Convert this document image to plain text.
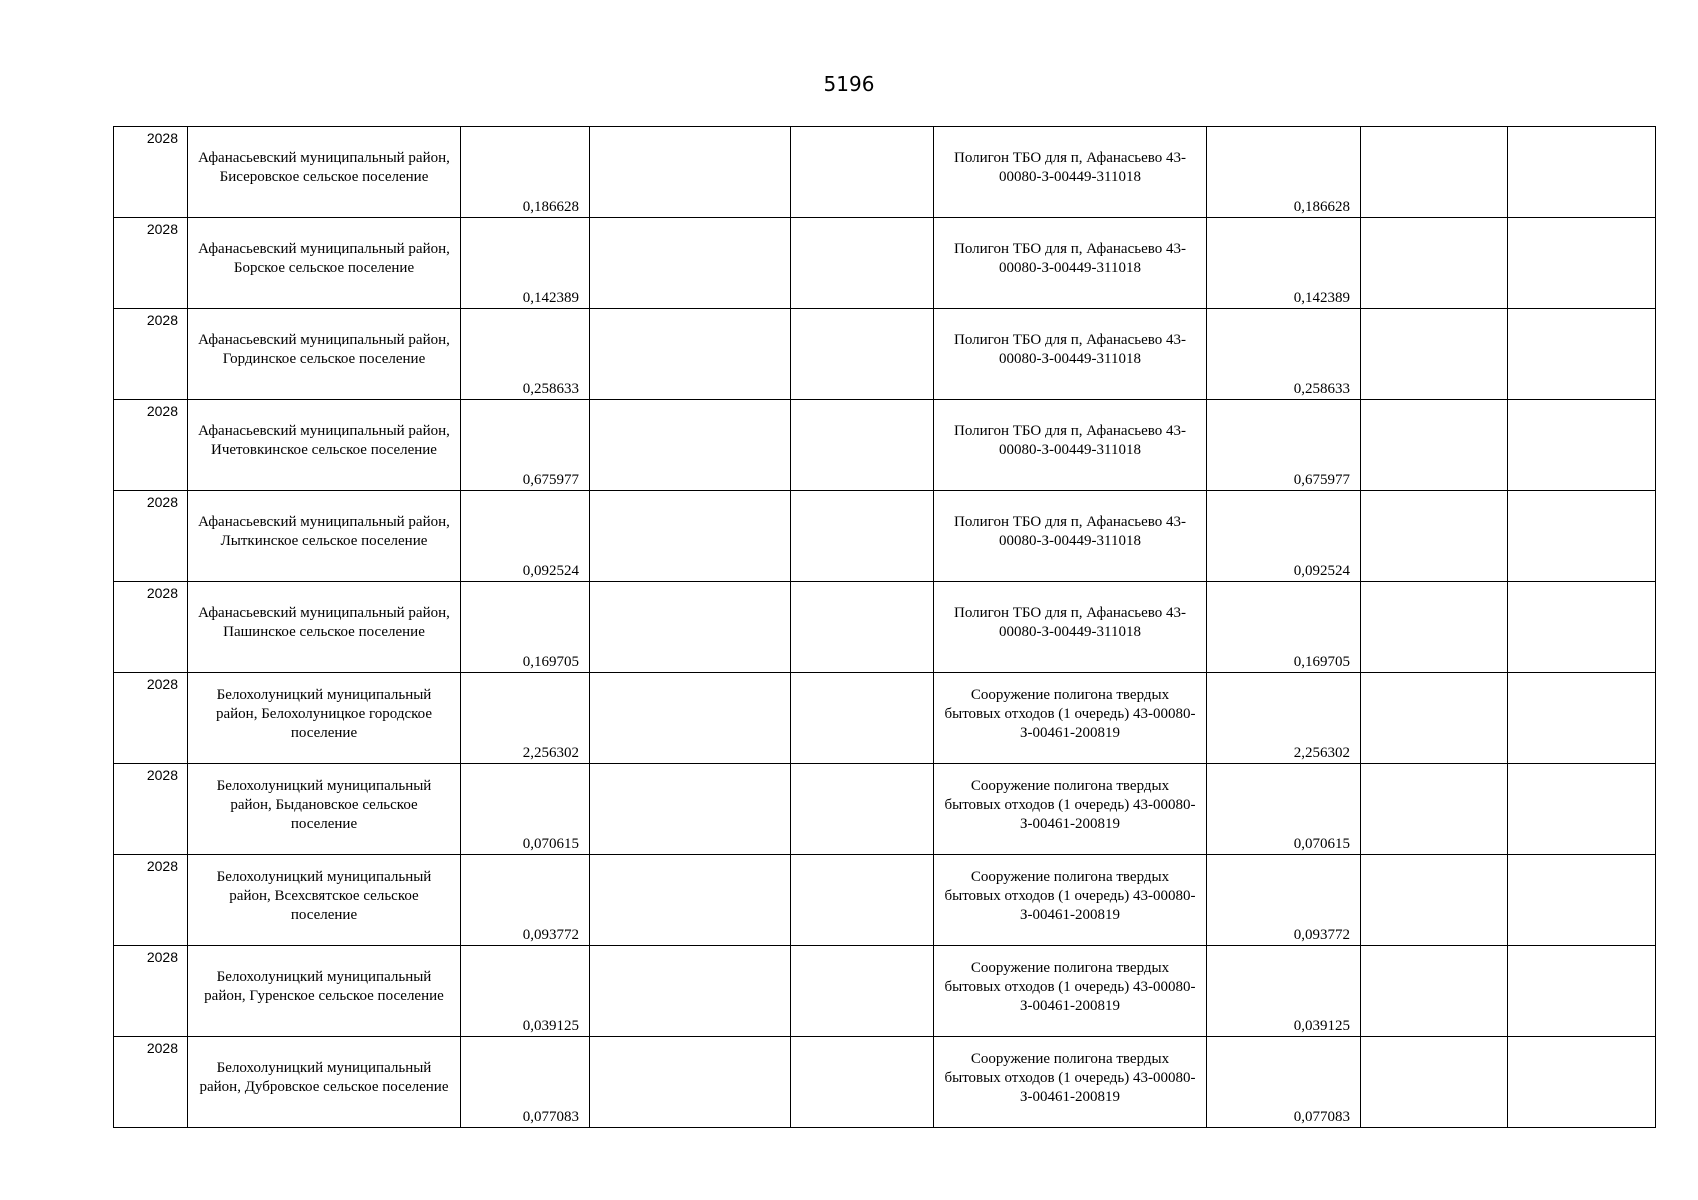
5196
2028	Афанасьевский муниципальный район, Бисеровское сельское поселение	0,186628			Полигон ТБО для п, Афанасьево 43-00080-З-00449-311018	0,186628		
2028	Афанасьевский муниципальный район, Борское сельское поселение	0,142389			Полигон ТБО для п, Афанасьево 43-00080-З-00449-311018	0,142389		
2028	Афанасьевский муниципальный район, Гординское сельское поселение	0,258633			Полигон ТБО для п, Афанасьево 43-00080-З-00449-311018	0,258633		
2028	Афанасьевский муниципальный район, Ичетовкинское сельское поселение	0,675977			Полигон ТБО для п, Афанасьево 43-00080-З-00449-311018	0,675977		
2028	Афанасьевский муниципальный район, Лыткинское сельское поселение	0,092524			Полигон ТБО для п, Афанасьево 43-00080-З-00449-311018	0,092524		
2028	Афанасьевский муниципальный район, Пашинское сельское поселение	0,169705			Полигон ТБО для п, Афанасьево 43-00080-З-00449-311018	0,169705		
2028	Белохолуницкий муниципальный район, Белохолуницкое городское поселение	2,256302			Сооружение полигона твердых бытовых отходов (1 очередь) 43-00080-З-00461-200819	2,256302		
2028	Белохолуницкий муниципальный район, Быдановское сельское поселение	0,070615			Сооружение полигона твердых бытовых отходов (1 очередь) 43-00080-З-00461-200819	0,070615		
2028	Белохолуницкий муниципальный район, Всехсвятское сельское поселение	0,093772			Сооружение полигона твердых бытовых отходов (1 очередь) 43-00080-З-00461-200819	0,093772		
2028	Белохолуницкий муниципальный район, Гуренское сельское поселение	0,039125			Сооружение полигона твердых бытовых отходов (1 очередь) 43-00080-З-00461-200819	0,039125		
2028	Белохолуницкий муниципальный район, Дубровское сельское поселение	0,077083			Сооружение полигона твердых бытовых отходов (1 очередь) 43-00080-З-00461-200819	0,077083		
